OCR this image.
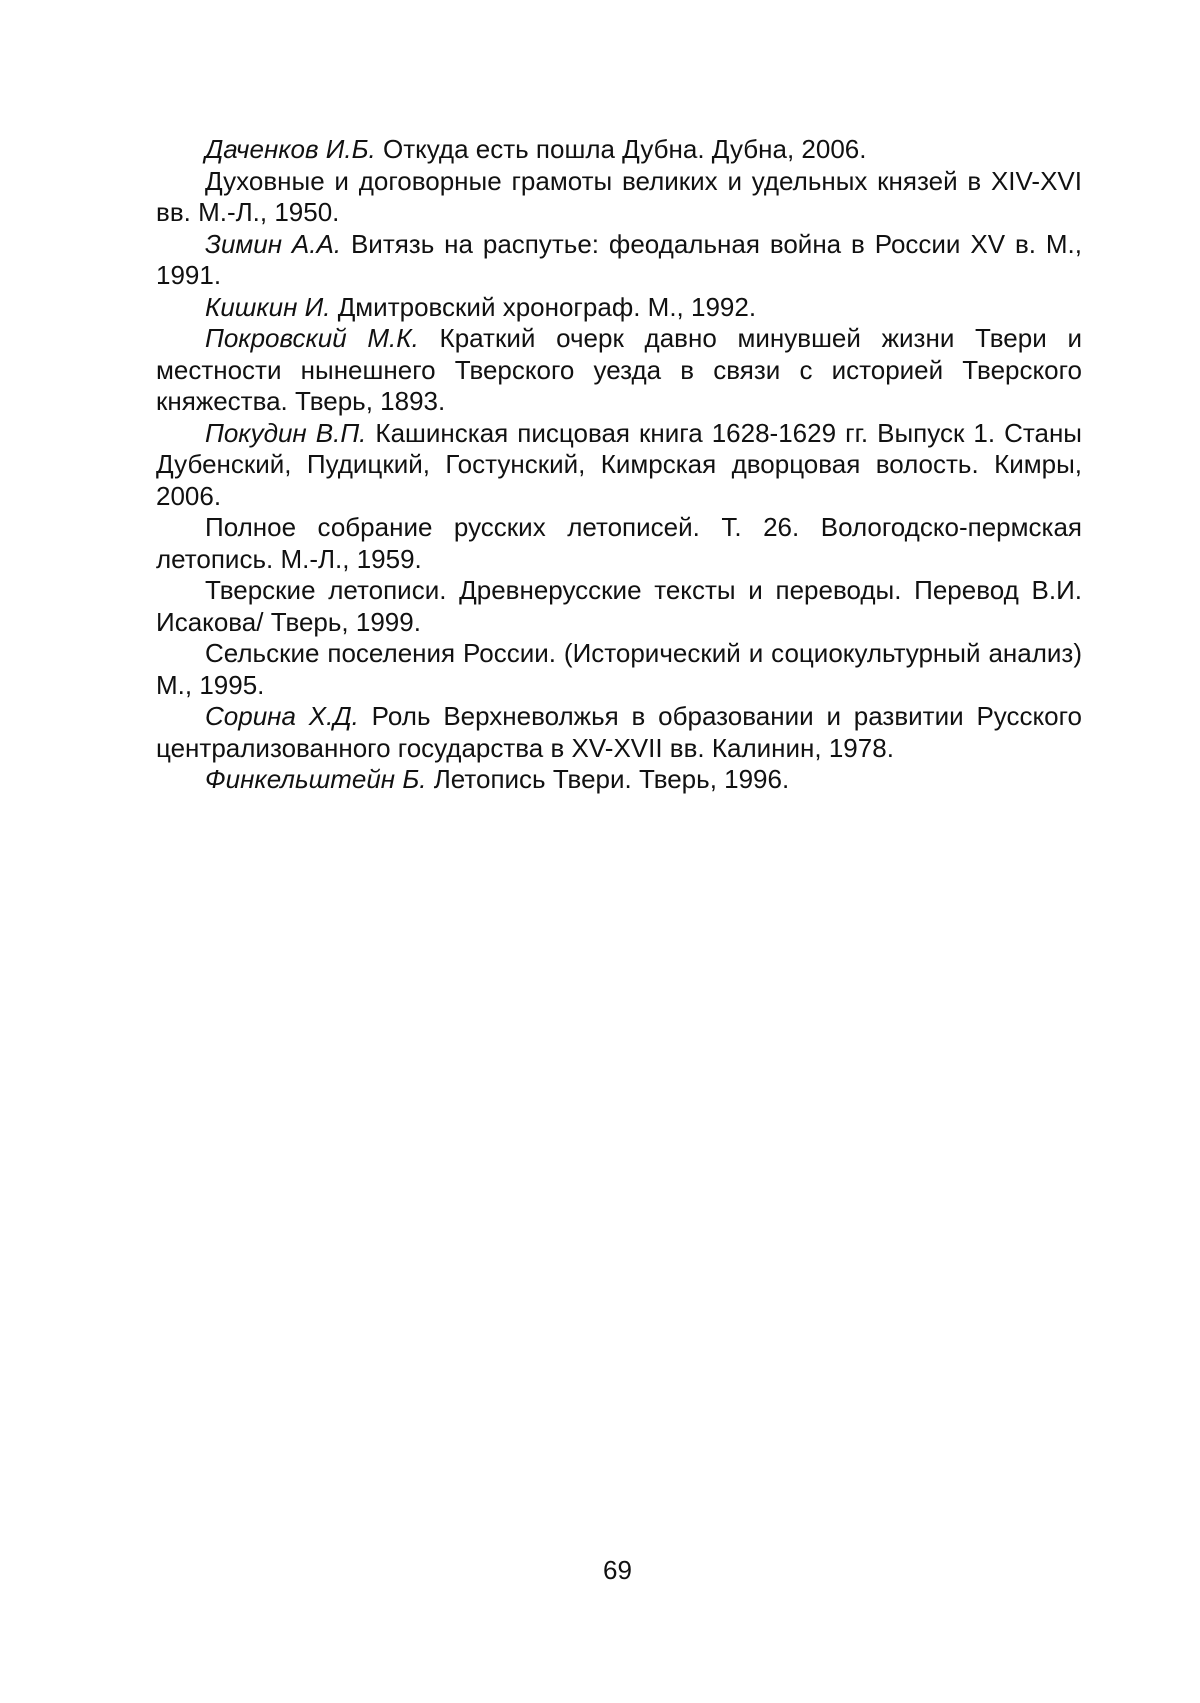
Даченков И.Б. Откуда есть пошла Дубна. Дубна, 2006.

Духовные и договорные грамоты великих и удельных князей в XIV-XVI вв. М.-Л., 1950.

Зимин А.А. Витязь на распутье: феодальная война в России XV в. М., 1991.

Кишкин И. Дмитровский хронограф. М., 1992.

Покровский М.К. Краткий очерк давно минувшей жизни Твери и местности нынешнего Тверского уезда в связи с историей Тверского княжества. Тверь, 1893.

Покудин В.П. Кашинская писцовая книга 1628-1629 гг. Выпуск 1. Станы Дубенский, Пудицкий, Гостунский, Кимрская дворцовая волость. Кимры, 2006.

Полное собрание русских летописей. Т. 26. Вологодско-пермская летопись. М.-Л., 1959.

Тверские летописи. Древнерусские тексты и переводы. Перевод В.И. Исакова/ Тверь, 1999.

Сельские поселения России. (Исторический и социокультурный анализ) М., 1995.

Сорина Х.Д. Роль Верхневолжья в образовании и развитии Русского централизованного государства в XV-XVII вв. Калинин, 1978.

Финкельштейн Б. Летопись Твери. Тверь, 1996.

69
